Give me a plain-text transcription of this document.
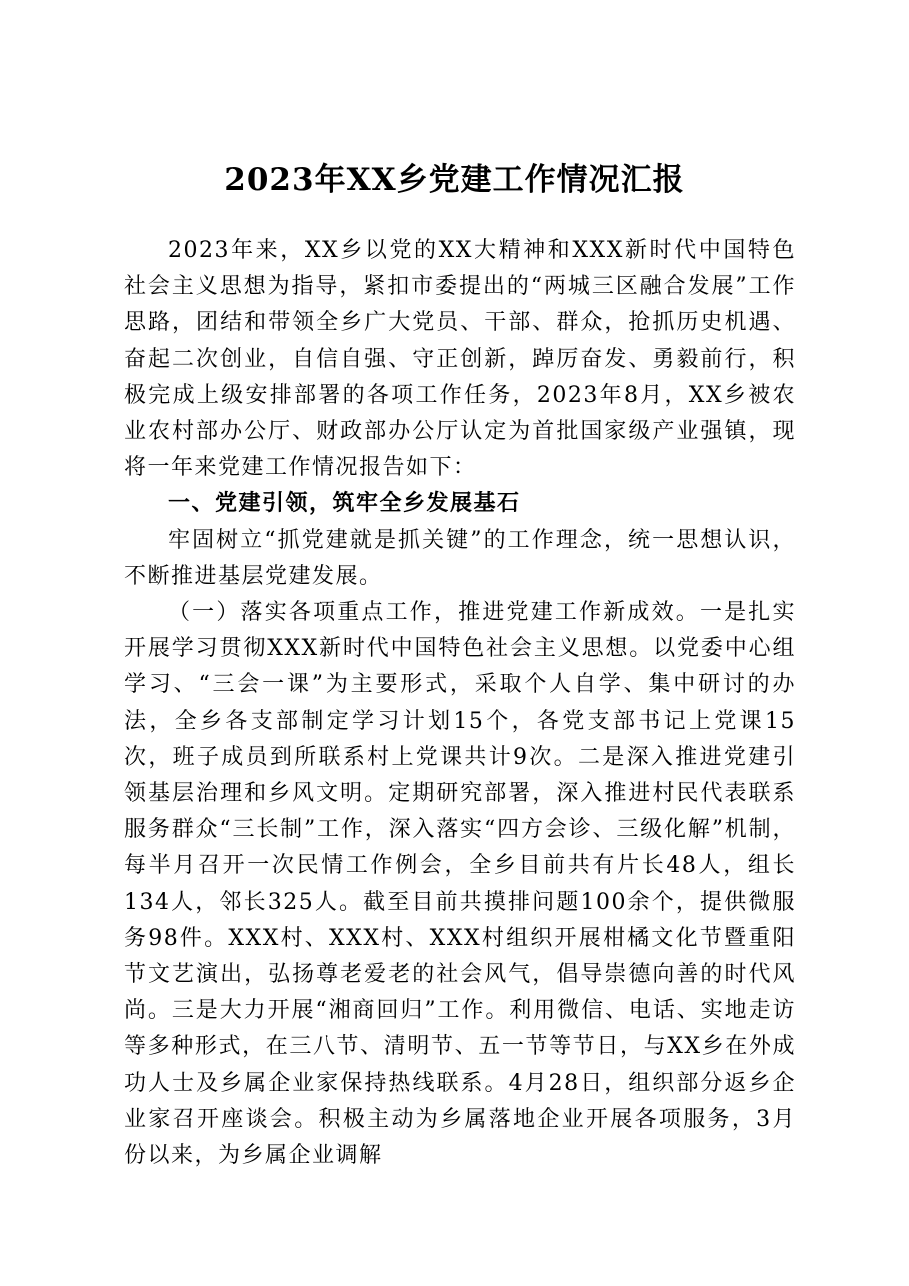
2023年XX乡党建工作情况汇报

2023年来，XX乡以党的XX大精神和XXX新时代中国特色社会主义思想为指导，紧扣市委提出的“两城三区融合发展”工作思路，团结和带领全乡广大党员、干部、群众，抢抓历史机遇、奋起二次创业，自信自强、守正创新，踔厉奋发、勇毅前行，积极完成上级安排部署的各项工作任务，2023年8月，XX乡被农业农村部办公厅、财政部办公厅认定为首批国家级产业强镇，现将一年来党建工作情况报告如下：

一、党建引领，筑牢全乡发展基石

牢固树立“抓党建就是抓关键”的工作理念，统一思想认识，不断推进基层党建发展。

（一）落实各项重点工作，推进党建工作新成效。一是扎实开展学习贯彻XXX新时代中国特色社会主义思想。以党委中心组学习、“三会一课”为主要形式，采取个人自学、集中研讨的办法，全乡各支部制定学习计划15个，各党支部书记上党课15次，班子成员到所联系村上党课共计9次。二是深入推进党建引领基层治理和乡风文明。定期研究部署，深入推进村民代表联系服务群众“三长制”工作，深入落实“四方会诊、三级化解”机制，每半月召开一次民情工作例会，全乡目前共有片长48人，组长134人，邻长325人。截至目前共摸排问题100余个，提供微服务98件。XXX村、XXX村、XXX村组织开展柑橘文化节暨重阳节文艺演出，弘扬尊老爱老的社会风气，倡导崇德向善的时代风尚。三是大力开展“湘商回归”工作。利用微信、电话、实地走访等多种形式，在三八节、清明节、五一节等节日，与XX乡在外成功人士及乡属企业家保持热线联系。4月28日，组织部分返乡企业家召开座谈会。积极主动为乡属落地企业开展各项服务，3月份以来，为乡属企业调解
